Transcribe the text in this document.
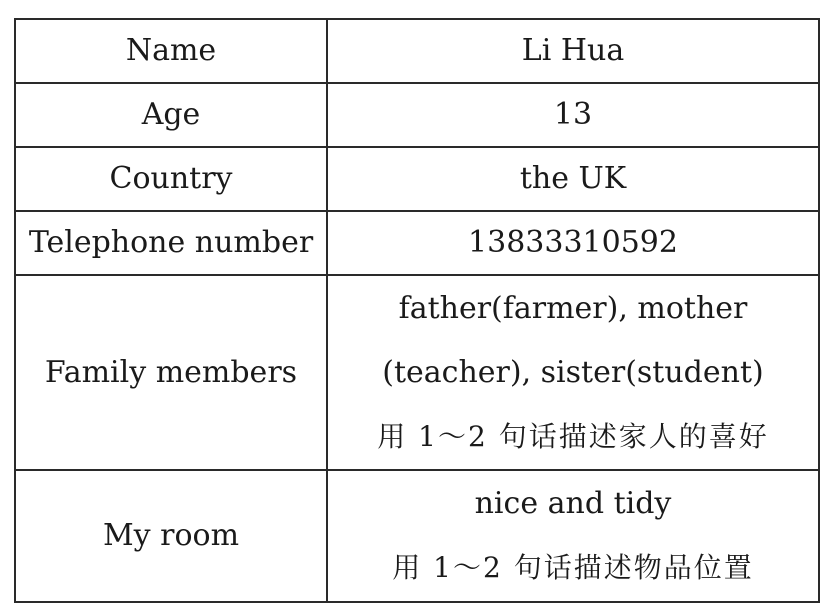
Name	Li Hua
Age	13
Country	the UK
Telephone number	13833310592
Family members	father(farmer), mother
(teacher), sister(student)
用 1～2 句话描述家人的喜好

My room	nice and tidy
用 1～2 句话描述物品位置
